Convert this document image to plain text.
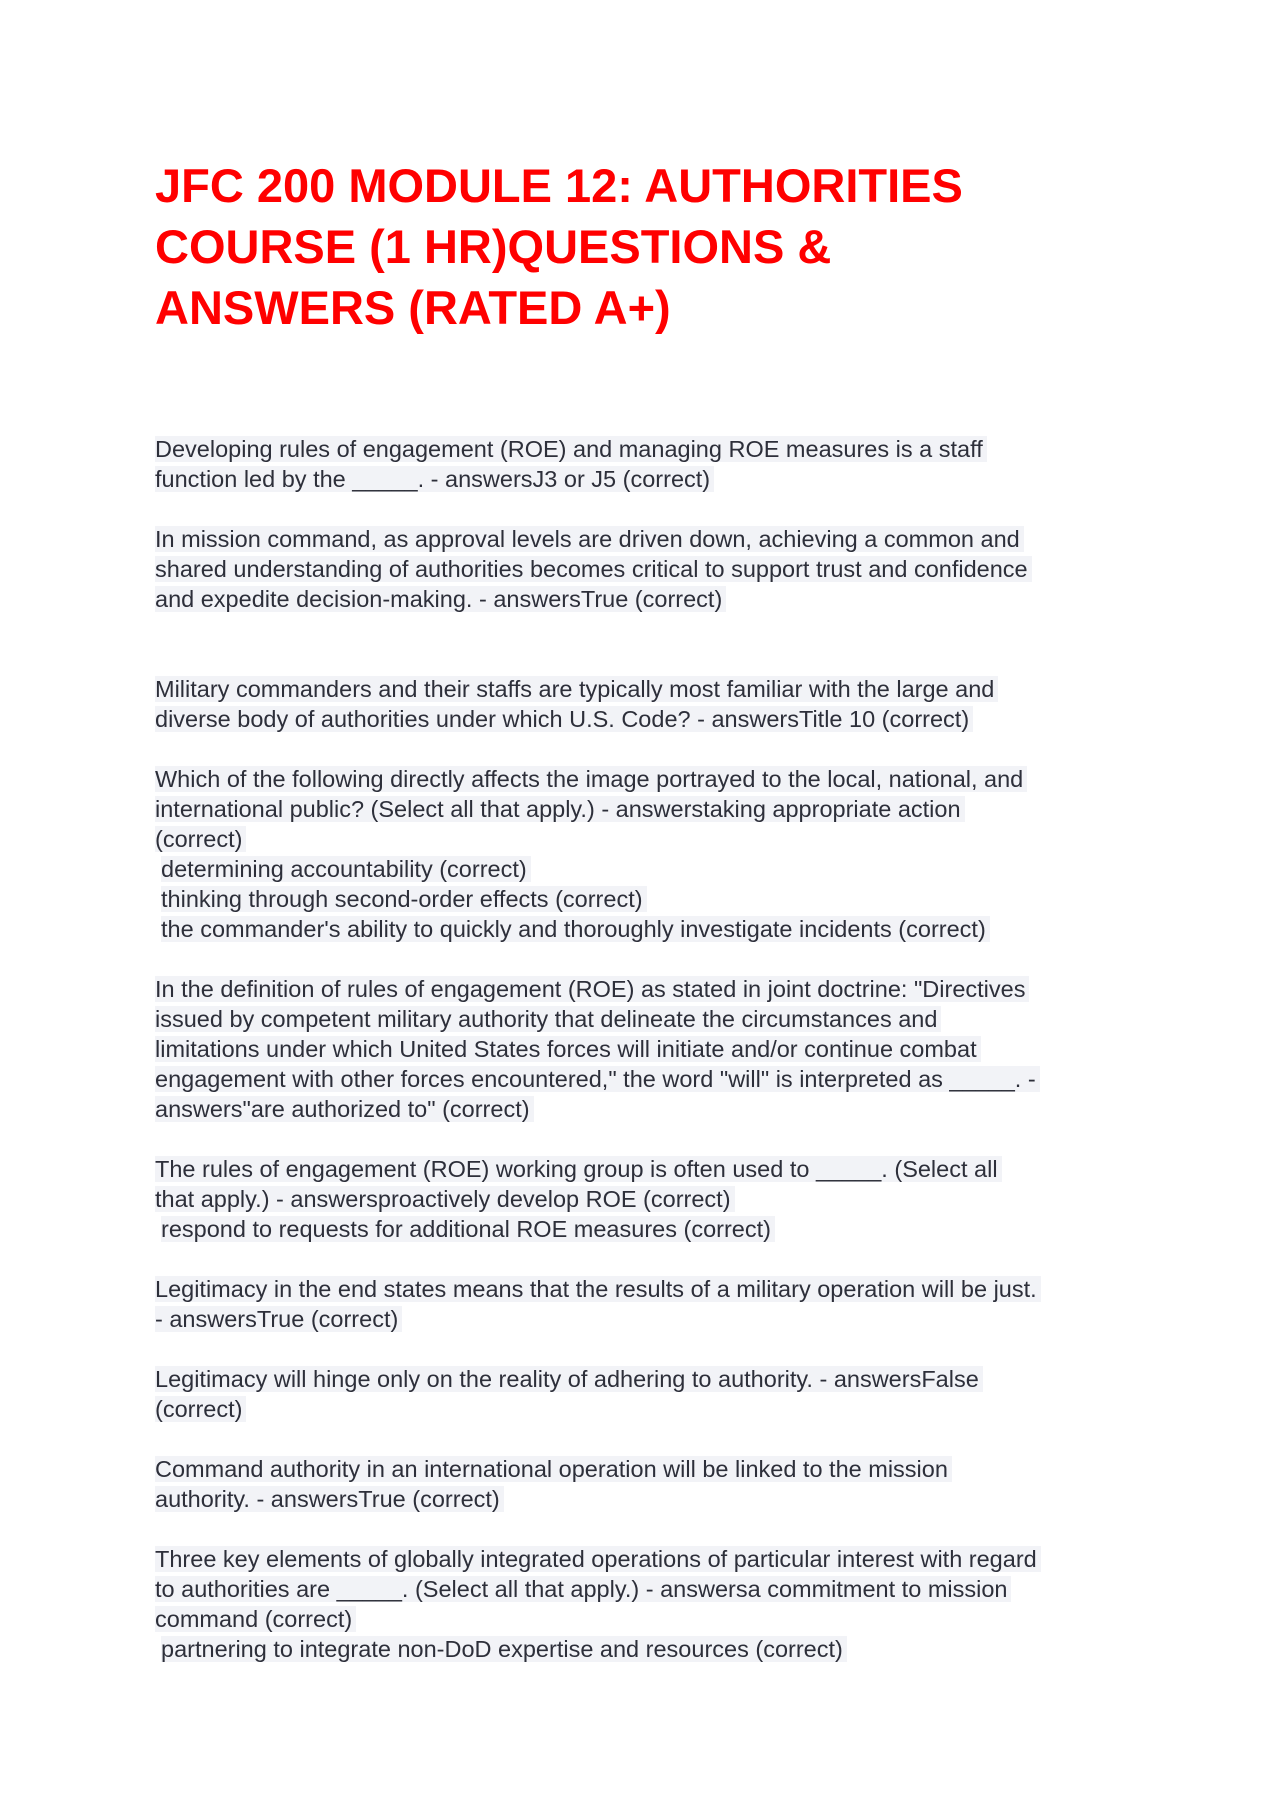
JFC 200 MODULE 12: AUTHORITIES
COURSE (1 HR)QUESTIONS &
ANSWERS (RATED A+)
Developing rules of engagement (ROE) and managing ROE measures is a staff
function led by the _____. - answersJ3 or J5 (correct)
In mission command, as approval levels are driven down, achieving a common and
shared understanding of authorities becomes critical to support trust and confidence
and expedite decision-making. - answersTrue (correct)
Military commanders and their staffs are typically most familiar with the large and
diverse body of authorities under which U.S. Code? - answersTitle 10 (correct)
Which of the following directly affects the image portrayed to the local, national, and
international public? (Select all that apply.) - answerstaking appropriate action
(correct)
determining accountability (correct)
thinking through second-order effects (correct)
the commander's ability to quickly and thoroughly investigate incidents (correct)
In the definition of rules of engagement (ROE) as stated in joint doctrine: "Directives
issued by competent military authority that delineate the circumstances and
limitations under which United States forces will initiate and/or continue combat
engagement with other forces encountered," the word "will" is interpreted as _____. -
answers"are authorized to" (correct)
The rules of engagement (ROE) working group is often used to _____. (Select all
that apply.) - answersproactively develop ROE (correct)
respond to requests for additional ROE measures (correct)
Legitimacy in the end states means that the results of a military operation will be just.
- answersTrue (correct)
Legitimacy will hinge only on the reality of adhering to authority. - answersFalse
(correct)
Command authority in an international operation will be linked to the mission
authority. - answersTrue (correct)
Three key elements of globally integrated operations of particular interest with regard
to authorities are _____. (Select all that apply.) - answersa commitment to mission
command (correct)
partnering to integrate non-DoD expertise and resources (correct)
